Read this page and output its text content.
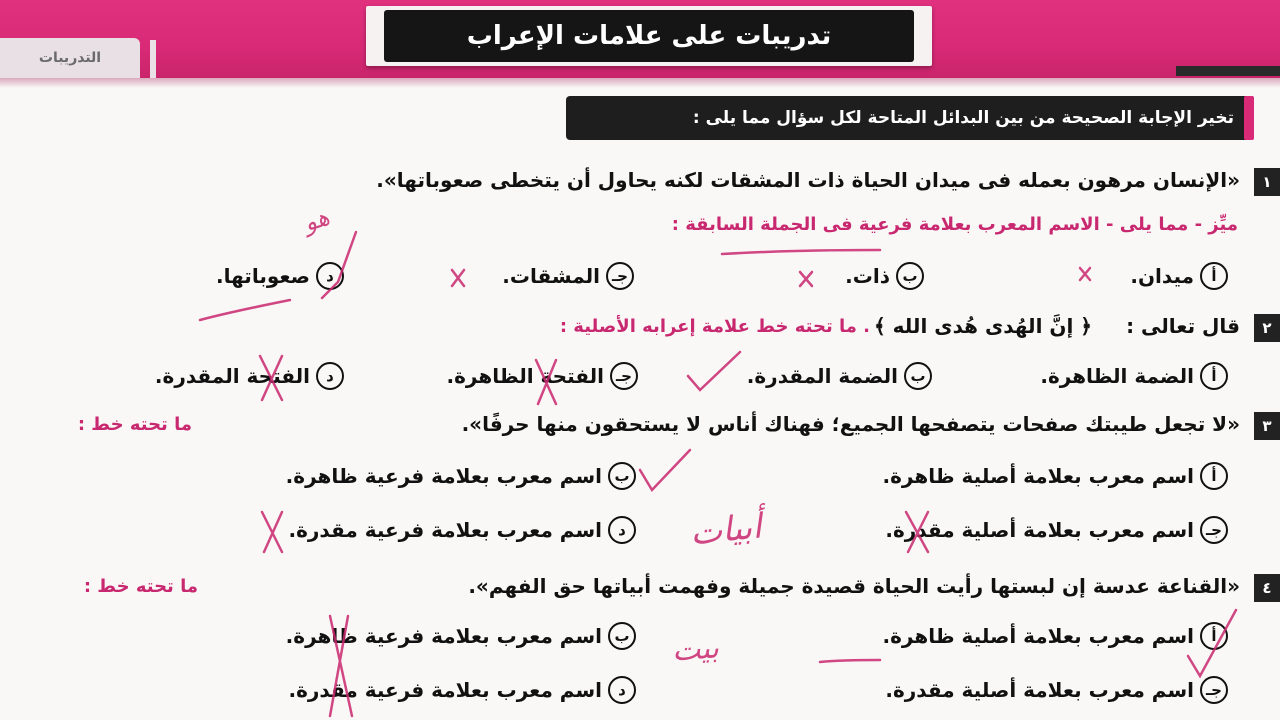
التدريبات
تدريبات على علامات الإعراب
تخير الإجابة الصحيحة من بين البدائل المتاحة لكل سؤال مما يلى :
١
«الإنسان مرهون بعمله فى ميدان الحياة ذات المشقات لكنه يحاول أن يتخطى صعوباتها».
ميِّز - مما يلى - الاسم المعرب بعلامة فرعية فى الجملة السابقة :
أ
ميدان.
ب
ذات.
جـ
المشقات.
د
صعوباتها.
٢
قال تعالى :
﴿ إنَّ الهُدى هُدى الله ﴾
. ما تحته خط علامة إعرابه الأصلية :
أ
الضمة الظاهرة.
ب
الضمة المقدرة.
جـ
الفتحة الظاهرة.
د
الفتحة المقدرة.
٣
«لا تجعل طيبتك صفحات يتصفحها الجميع؛ فهناك أناس لا يستحقون منها حرفًا».
ما تحته خط :
أ
اسم معرب بعلامة أصلية ظاهرة.
ب
اسم معرب بعلامة فرعية ظاهرة.
جـ
اسم معرب بعلامة أصلية مقدرة.
د
اسم معرب بعلامة فرعية مقدرة.
٤
«القناعة عدسة إن لبستها رأيت الحياة قصيدة جميلة وفهمت أبياتها حق الفهم».
ما تحته خط :
أ
اسم معرب بعلامة أصلية ظاهرة.
ب
اسم معرب بعلامة فرعية ظاهرة.
جـ
اسم معرب بعلامة أصلية مقدرة.
د
اسم معرب بعلامة فرعية مقدرة.
هو
أبيات
بيت
